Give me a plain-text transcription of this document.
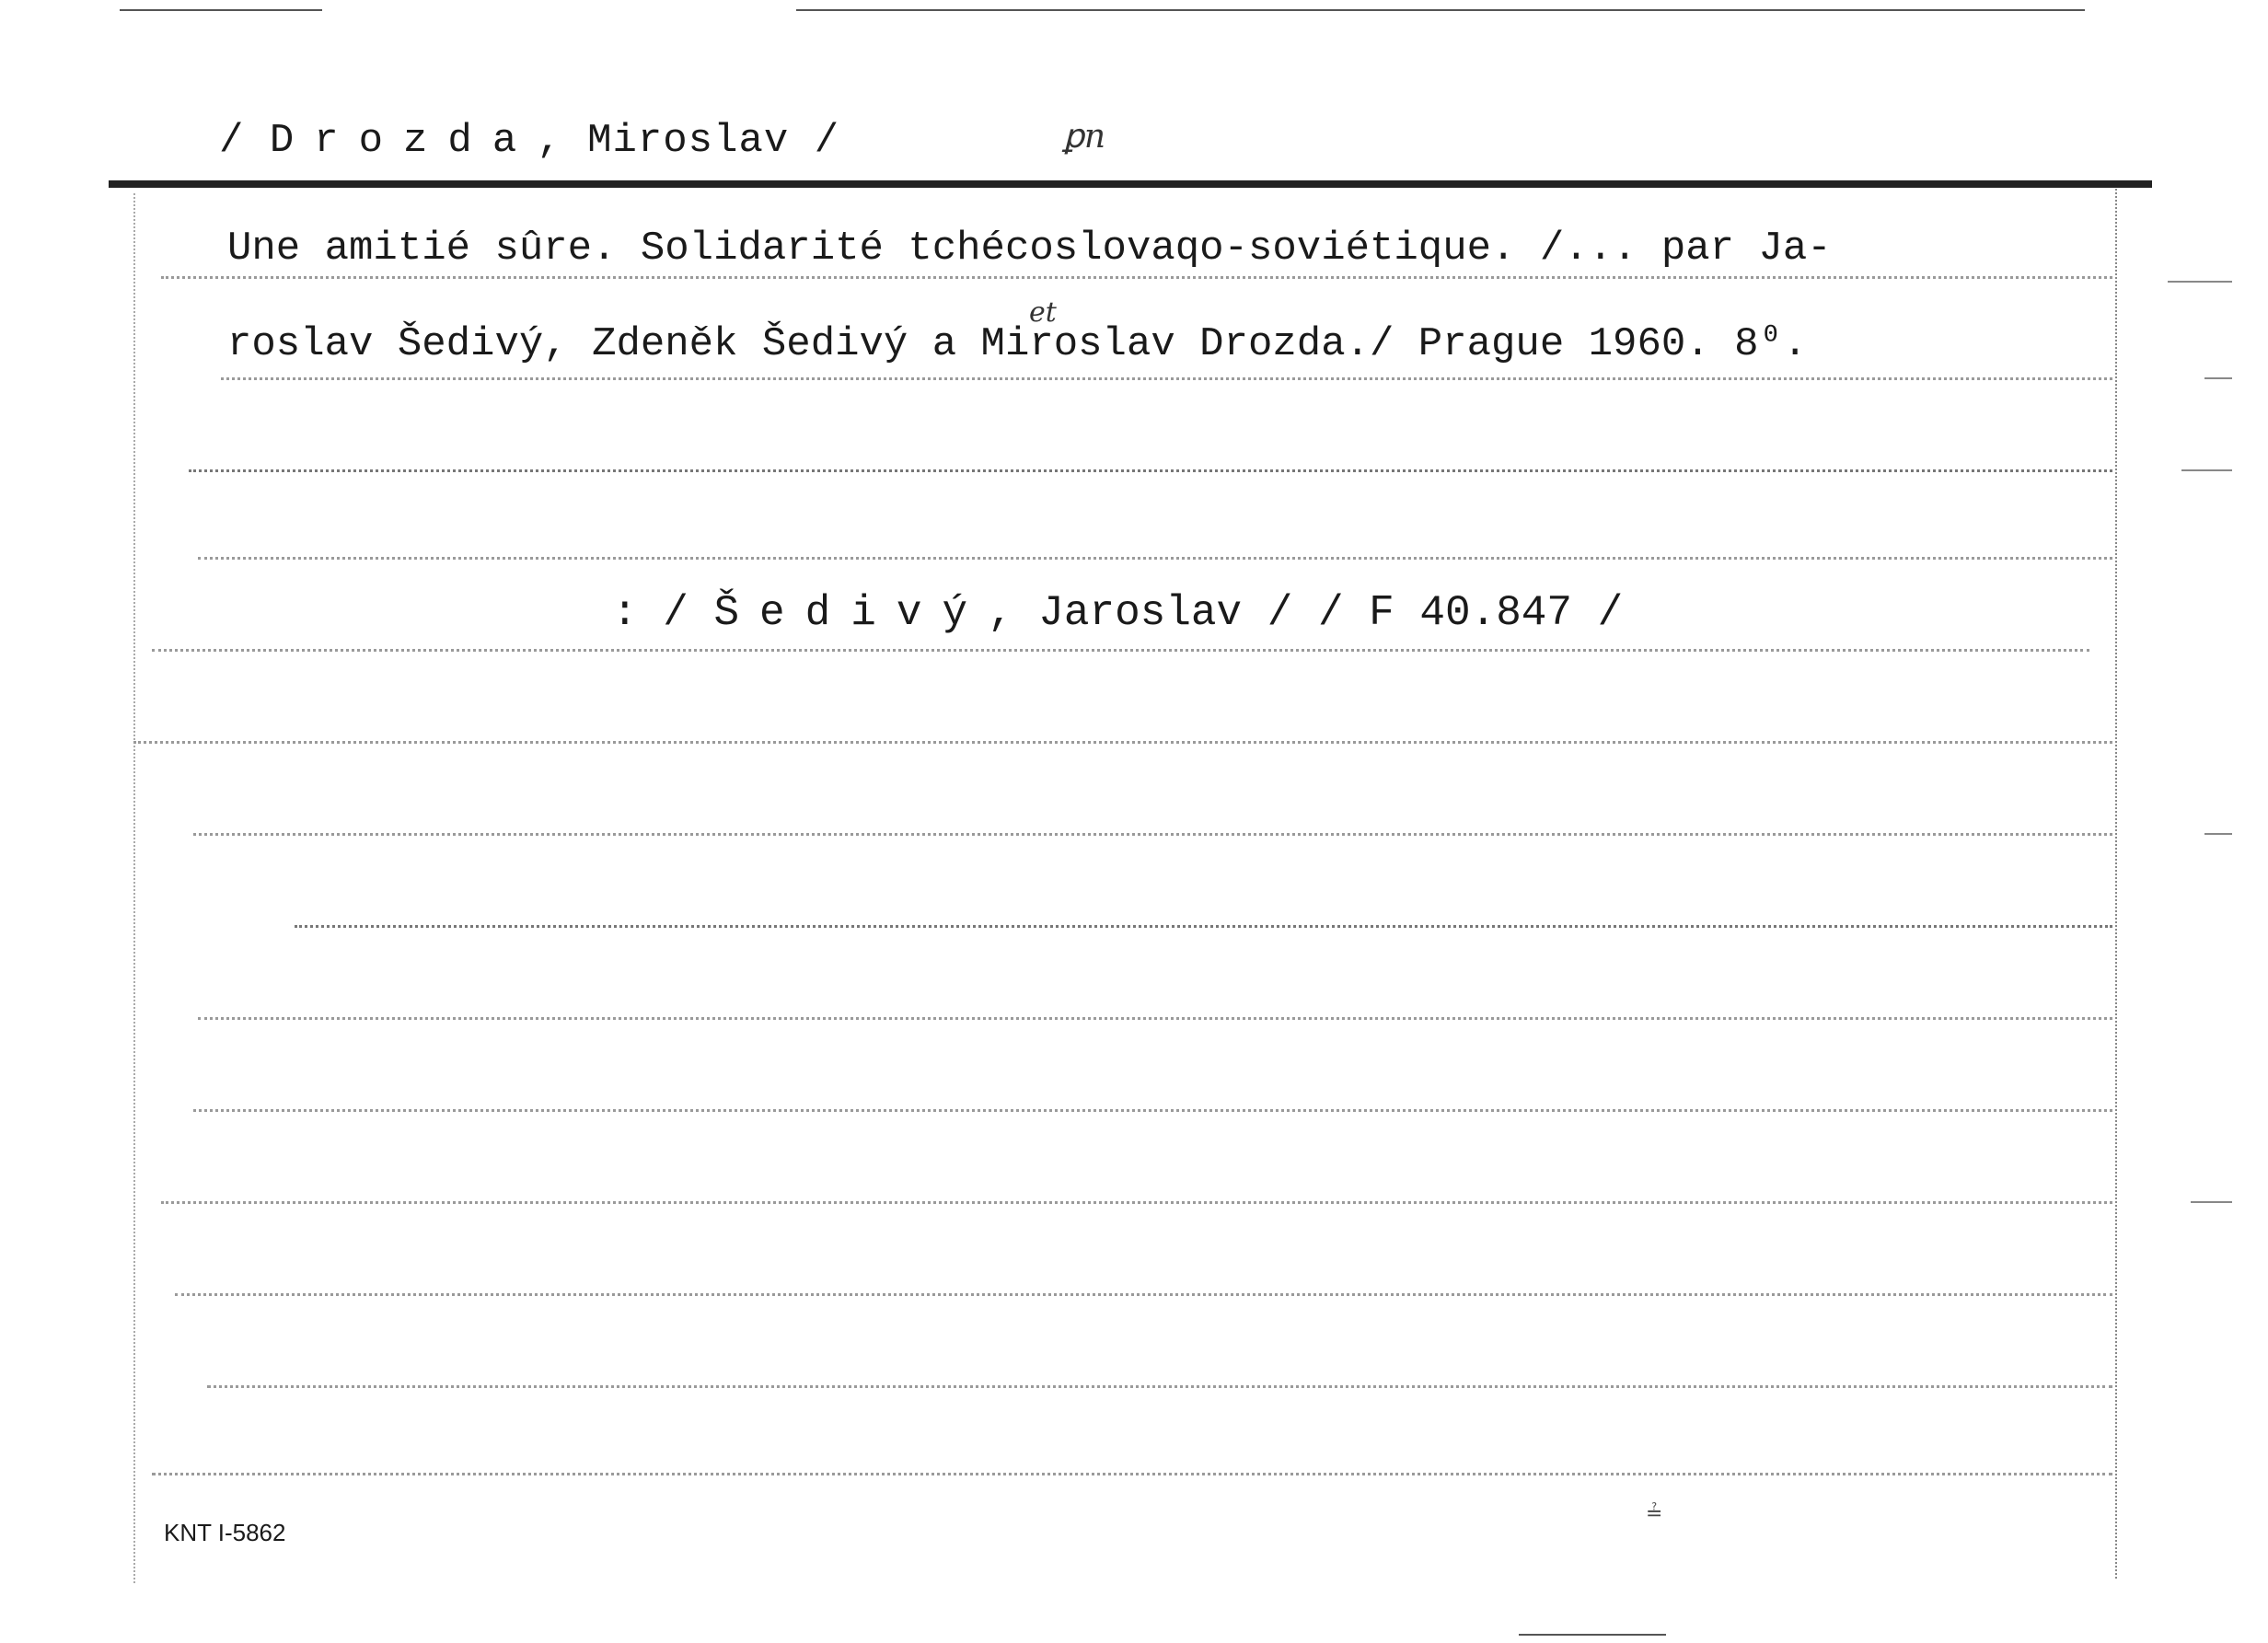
/ Drozda, Miroslav /	ꝑn
Une amitié sûre. Solidarité tchécoslovaqo-soviétique. /... par Ja-
et
roslav Šedivý, Zdeněk Šedivý a Miroslav Drozda./ Prague 1960. 8⁰.
: / Šedivý, Jaroslav / / F 40.847 /
≟
KNT I-5862
